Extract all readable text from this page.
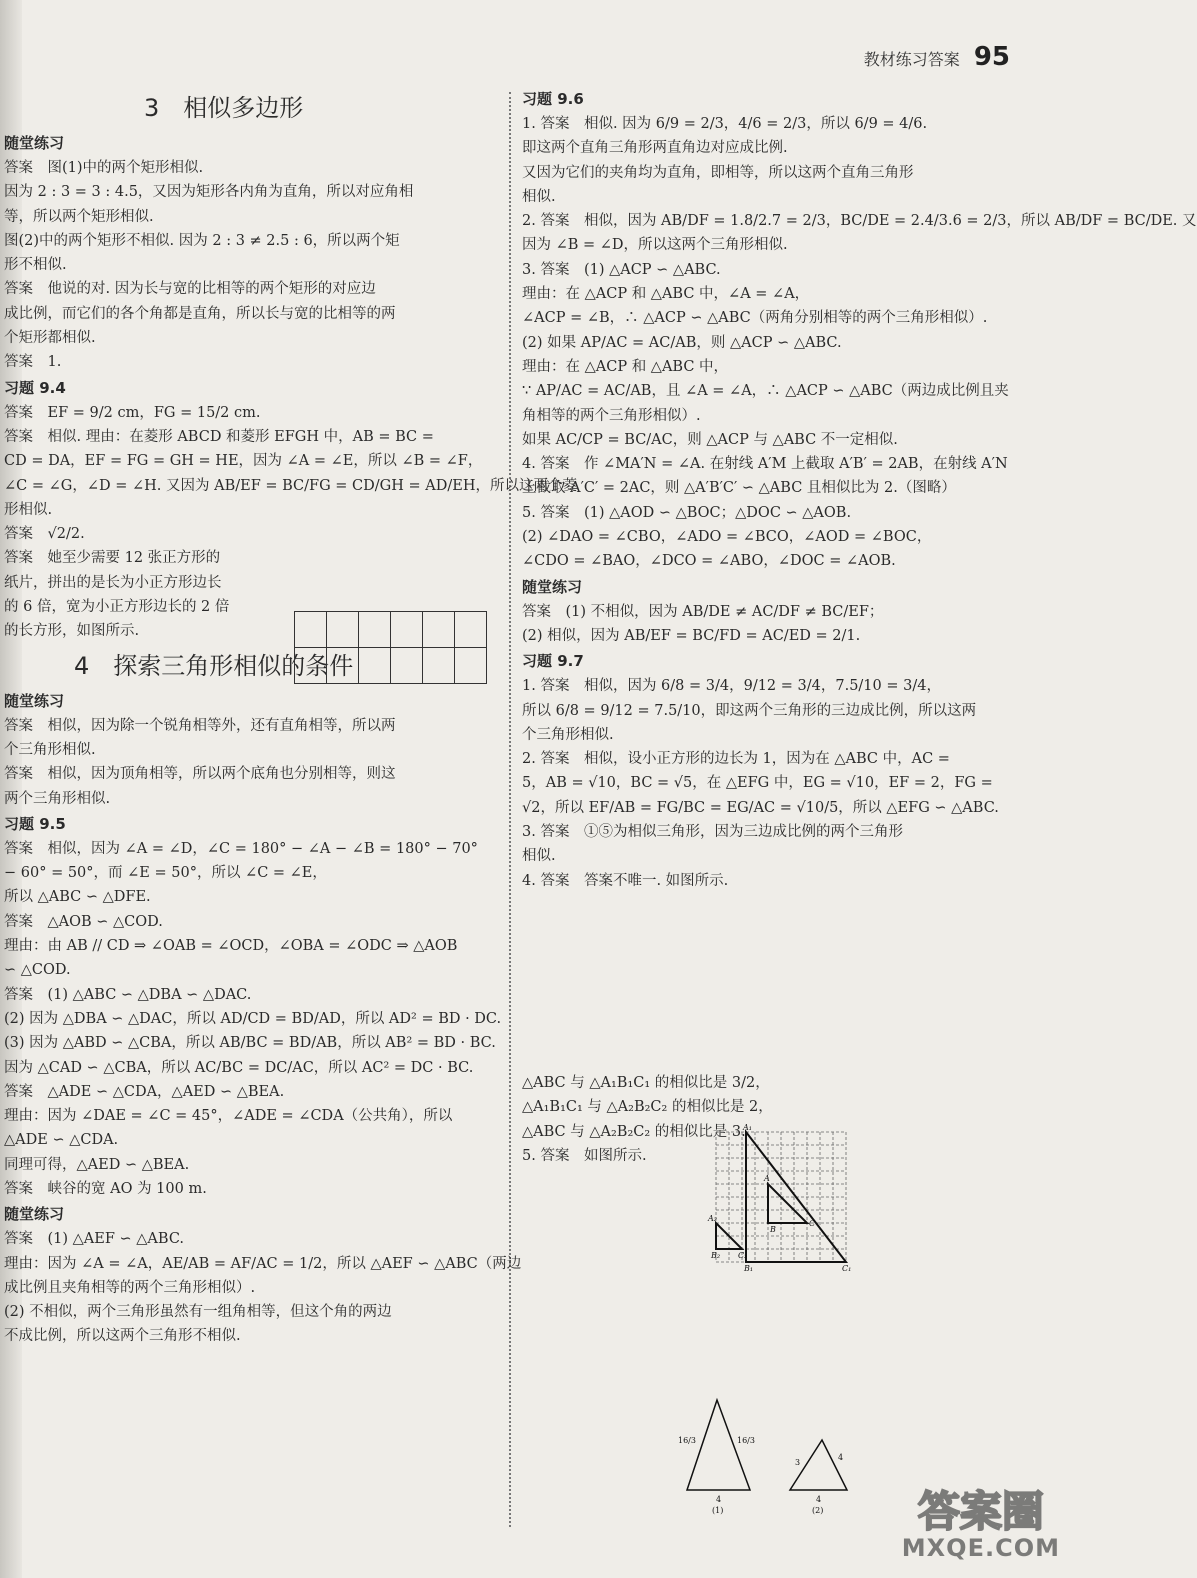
教材练习答案 95
3　相似多边形
随堂练习
答案　图(1)中的两个矩形相似.
因为 2 : 3 = 3 : 4.5，又因为矩形各内角为直角，所以对应角相
等，所以两个矩形相似.
图(2)中的两个矩形不相似. 因为 2 : 3 ≠ 2.5 : 6，所以两个矩
形不相似.
答案　他说的对. 因为长与宽的比相等的两个矩形的对应边
成比例，而它们的各个角都是直角，所以长与宽的比相等的两
个矩形都相似.
答案　1.
习题 9.4
答案　EF = 9/2 cm，FG = 15/2 cm.
答案　相似. 理由：在菱形 ABCD 和菱形 EFGH 中，AB = BC =
CD = DA，EF = FG = GH = HE，因为 ∠A = ∠E，所以 ∠B = ∠F，
∠C = ∠G，∠D = ∠H. 又因为 AB/EF = BC/FG = CD/GH = AD/EH，所以这两个菱
形相似.
答案　√2/2.
答案　她至少需要 12 张正方形的
纸片，拼出的是长为小正方形边长
的 6 倍，宽为小正方形边长的 2 倍
的长方形，如图所示.
4　探索三角形相似的条件
随堂练习
答案　相似，因为除一个锐角相等外，还有直角相等，所以两
个三角形相似.
答案　相似，因为顶角相等，所以两个底角也分别相等，则这
两个三角形相似.
习题 9.5
答案　相似，因为 ∠A = ∠D，∠C = 180° − ∠A − ∠B = 180° − 70°
− 60° = 50°，而 ∠E = 50°，所以 ∠C = ∠E，
所以 △ABC ∽ △DFE.
答案　△AOB ∽ △COD.
理由：由 AB // CD ⇒ ∠OAB = ∠OCD，∠OBA = ∠ODC ⇒ △AOB
∽ △COD.
答案　(1) △ABC ∽ △DBA ∽ △DAC.
(2) 因为 △DBA ∽ △DAC，所以 AD/CD = BD/AD，所以 AD² = BD · DC.
(3) 因为 △ABD ∽ △CBA，所以 AB/BC = BD/AB，所以 AB² = BD · BC.
因为 △CAD ∽ △CBA，所以 AC/BC = DC/AC，所以 AC² = DC · BC.
答案　△ADE ∽ △CDA，△AED ∽ △BEA.
理由：因为 ∠DAE = ∠C = 45°，∠ADE = ∠CDA（公共角），所以
△ADE ∽ △CDA.
同理可得，△AED ∽ △BEA.
答案　峡谷的宽 AO 为 100 m.
随堂练习
答案　(1) △AEF ∽ △ABC.
理由：因为 ∠A = ∠A，AE/AB = AF/AC = 1/2，所以 △AEF ∽ △ABC（两边
成比例且夹角相等的两个三角形相似）.
(2) 不相似，两个三角形虽然有一组角相等，但这个角的两边
不成比例，所以这两个三角形不相似.

习题 9.6
1. 答案　相似. 因为 6/9 = 2/3，4/6 = 2/3，所以 6/9 = 4/6.
即这两个直角三角形两直角边对应成比例.
又因为它们的夹角均为直角，即相等，所以这两个直角三角形
相似.
2. 答案　相似，因为 AB/DF = 1.8/2.7 = 2/3，BC/DE = 2.4/3.6 = 2/3，所以 AB/DF = BC/DE. 又
因为 ∠B = ∠D，所以这两个三角形相似.
3. 答案　(1) △ACP ∽ △ABC.
理由：在 △ACP 和 △ABC 中，∠A = ∠A，
∠ACP = ∠B，∴ △ACP ∽ △ABC（两角分别相等的两个三角形相似）.
(2) 如果 AP/AC = AC/AB，则 △ACP ∽ △ABC.
理由：在 △ACP 和 △ABC 中，
∵ AP/AC = AC/AB，且 ∠A = ∠A，∴ △ACP ∽ △ABC（两边成比例且夹
角相等的两个三角形相似）.
如果 AC/CP = BC/AC，则 △ACP 与 △ABC 不一定相似.
4. 答案　作 ∠MA′N = ∠A. 在射线 A′M 上截取 A′B′ = 2AB，在射线 A′N
上截取 A′C′ = 2AC，则 △A′B′C′ ∽ △ABC 且相似比为 2.（图略）
5. 答案　(1) △AOD ∽ △BOC；△DOC ∽ △AOB.
(2) ∠DAO = ∠CBO，∠ADO = ∠BCO，∠AOD = ∠BOC，
∠CDO = ∠BAO，∠DCO = ∠ABO，∠DOC = ∠AOB.
随堂练习
答案　(1) 不相似，因为 AB/DE ≠ AC/DF ≠ BC/EF；
(2) 相似，因为 AB/EF = BC/FD = AC/ED = 2/1.
习题 9.7
1. 答案　相似，因为 6/8 = 3/4，9/12 = 3/4，7.5/10 = 3/4，
所以 6/8 = 9/12 = 7.5/10，即这两个三角形的三边成比例，所以这两
个三角形相似.
2. 答案　相似，设小正方形的边长为 1，因为在 △ABC 中，AC =
5，AB = √10，BC = √5，在 △EFG 中，EG = √10，EF = 2，FG =
√2，所以 EF/AB = FG/BC = EG/AC = √10/5，所以 △EFG ∽ △ABC.
3. 答案　①⑤为相似三角形，因为三边成比例的两个三角形
相似.
4. 答案　答案不唯一. 如图所示.
△ABC 与 △A₁B₁C₁ 的相似比是 3/2，
△A₁B₁C₁ 与 △A₂B₂C₂ 的相似比是 2，
△ABC 与 △A₂B₂C₂ 的相似比是 3.
5. 答案　如图所示.
A₁
A
A₂
B
B₁
B₂
C
C₁
C₂
16/3	16/3
4
(1)
3
4
4
(2)	答案圈
MXQE.COM
